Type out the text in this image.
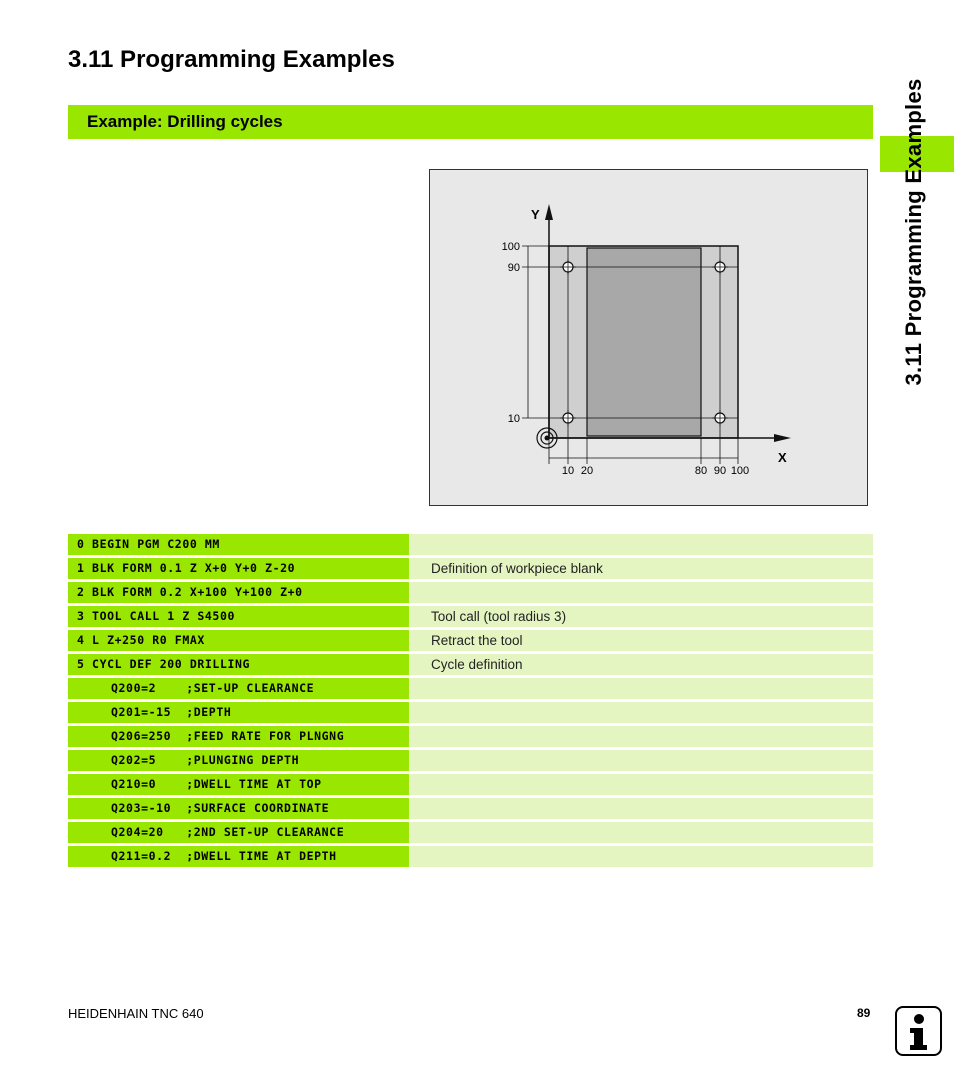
3.11 Programming Examples
Example: Drilling cycles	3.11 Programming Examples
Y
X
100
90
10
10 20	80 90 100
0 BEGIN PGM C200 MM
1 BLK FORM 0.1 Z X+0 Y+0 Z-20	Definition of workpiece blank
2 BLK FORM 0.2 X+100 Y+100 Z+0
3 TOOL CALL 1 Z S4500	Tool call (tool radius 3)
4 L Z+250 R0 FMAX	Retract the tool
5 CYCL DEF 200 DRILLING	Cycle definition
Q200=2    ;SET-UP CLEARANCE
Q201=-15  ;DEPTH
Q206=250  ;FEED RATE FOR PLNGNG
Q202=5    ;PLUNGING DEPTH
Q210=0    ;DWELL TIME AT TOP
Q203=-10  ;SURFACE COORDINATE
Q204=20   ;2ND SET-UP CLEARANCE
Q211=0.2  ;DWELL TIME AT DEPTH
HEIDENHAIN TNC 640	89
